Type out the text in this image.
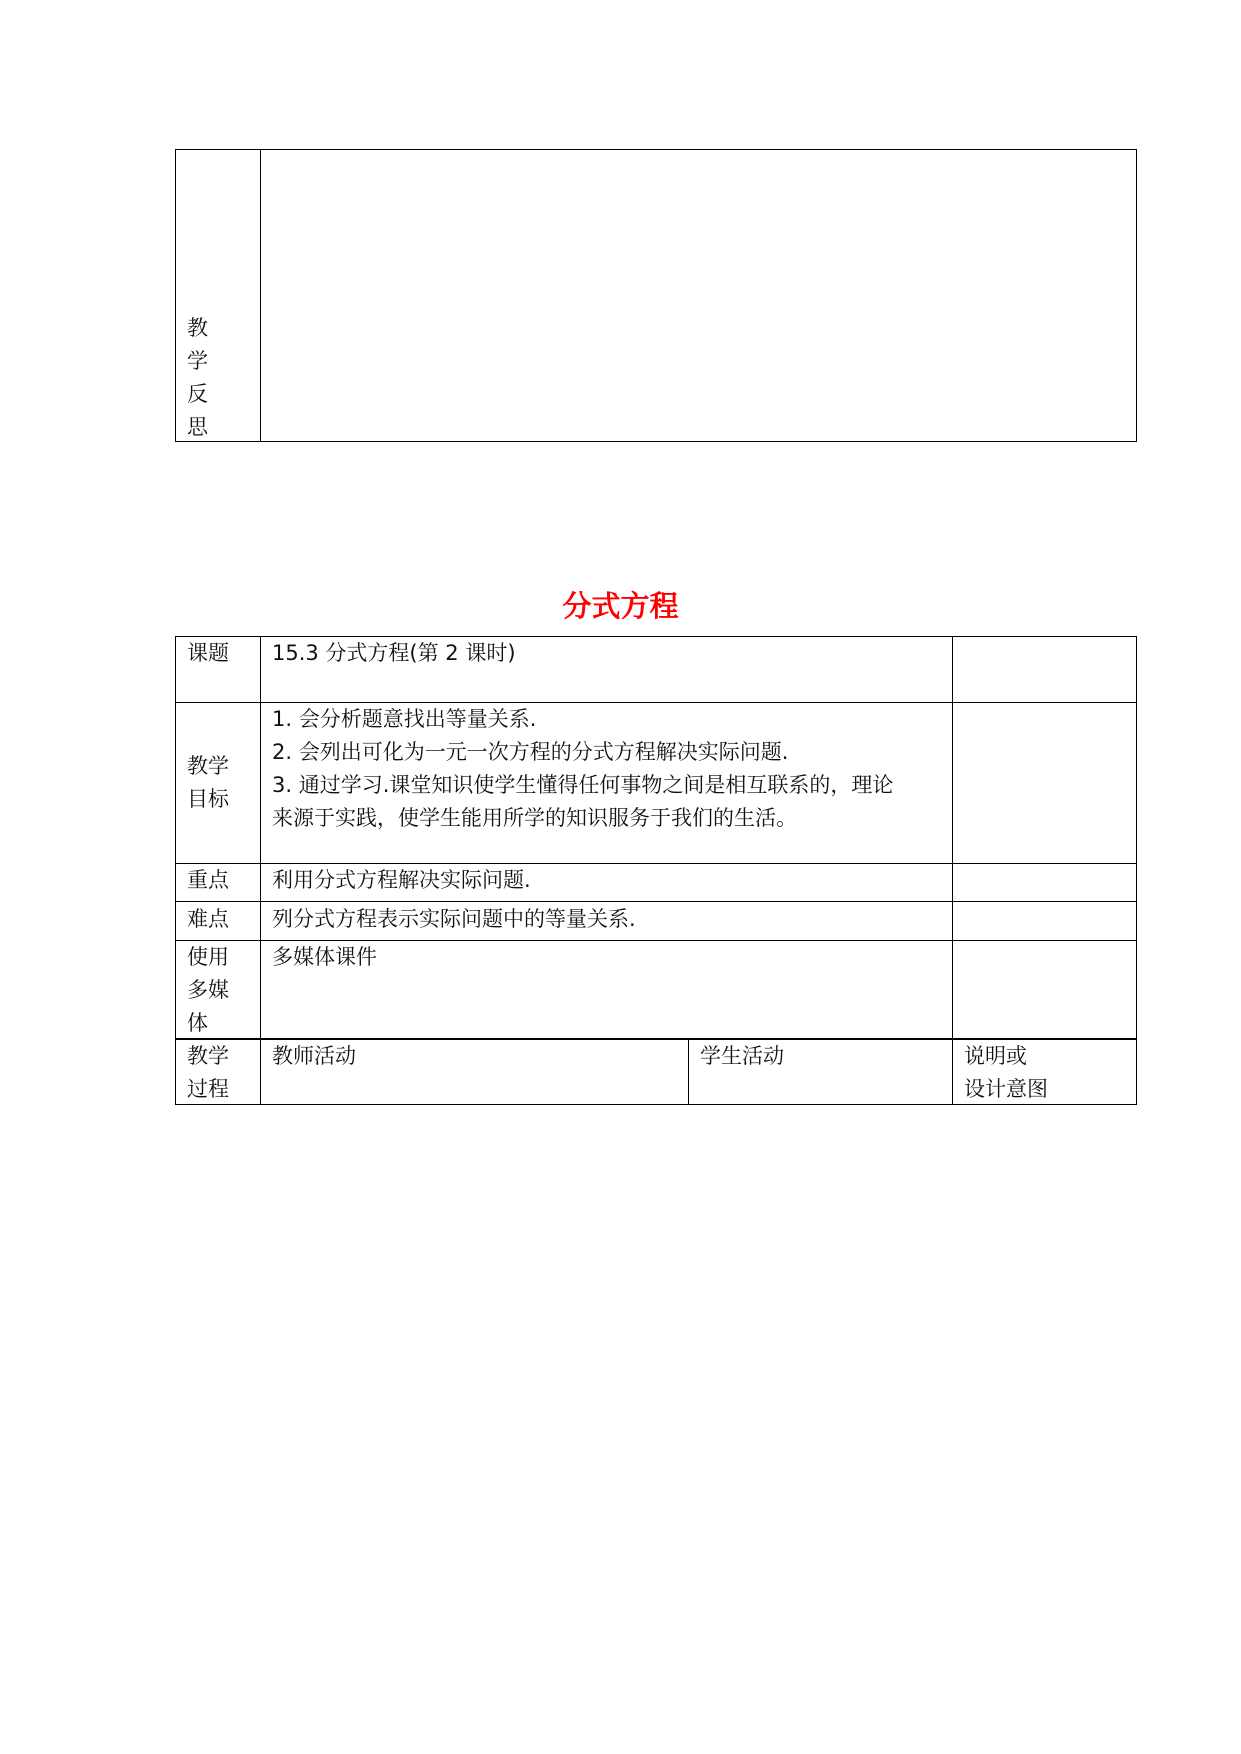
教
学
反
思
分式方程
课题 15.3 分式方程(第 2 课时)
教学
目标
1. 会分析题意找出等量关系.
2. 会列出可化为一元一次方程的分式方程解决实际问题.
3. 通过学习.课堂知识使学生懂得任何事物之间是相互联系的，理论
来源于实践，使学生能用所学的知识服务于我们的生活。
重点 利用分式方程解决实际问题.
难点 列分式方程表示实际问题中的等量关系.
使用
多媒
体
多媒体课件
教学
过程
教师活动	学生活动	说明或
设计意图
